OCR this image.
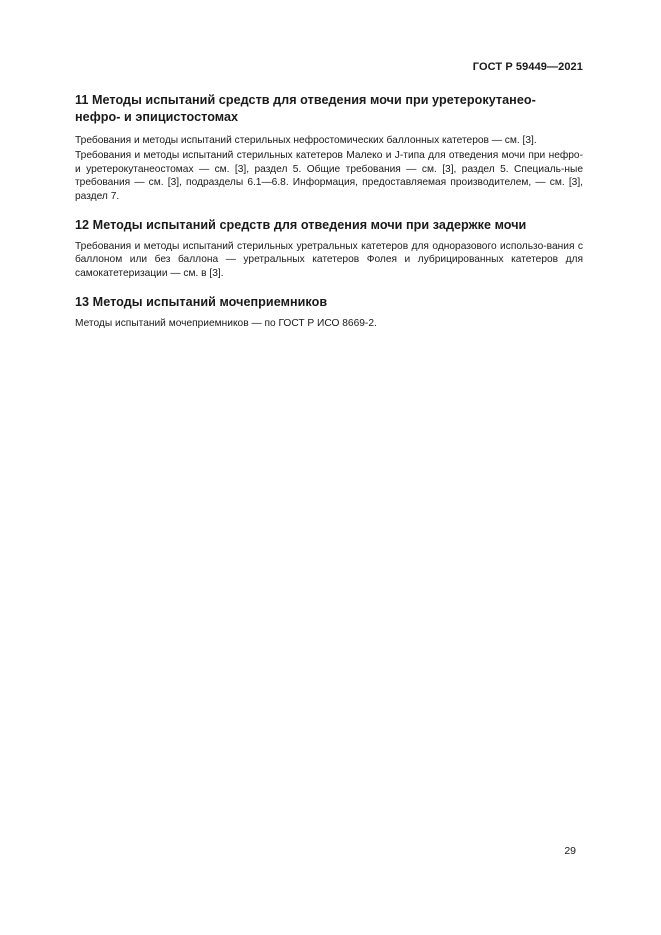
ГОСТ Р 59449—2021
11 Методы испытаний средств для отведения мочи при уретерокутанео-
нефро- и эпицистостомах

Требования и методы испытаний стерильных нефростомических баллонных катетеров — см. [3].

Требования и методы испытаний стерильных катетеров Малеко и J-типа для отведения мочи при нефро- и уретерокутанеостомах — см. [3], раздел 5. Общие требования — см. [3], раздел 5. Специаль-ные требования — см. [3], подразделы 6.1—6.8. Информация, предоставляемая производителем, — см. [3], раздел 7.

12 Методы испытаний средств для отведения мочи при задержке мочи

Требования и методы испытаний стерильных уретральных катетеров для одноразового использо-вания с баллоном или без баллона — уретральных катетеров Фолея и лубрицированных катетеров для самокатетеризации — см. в [3].

13 Методы испытаний мочеприемников

Методы испытаний мочеприемников — по ГОСТ Р ИСО 8669-2.

29
